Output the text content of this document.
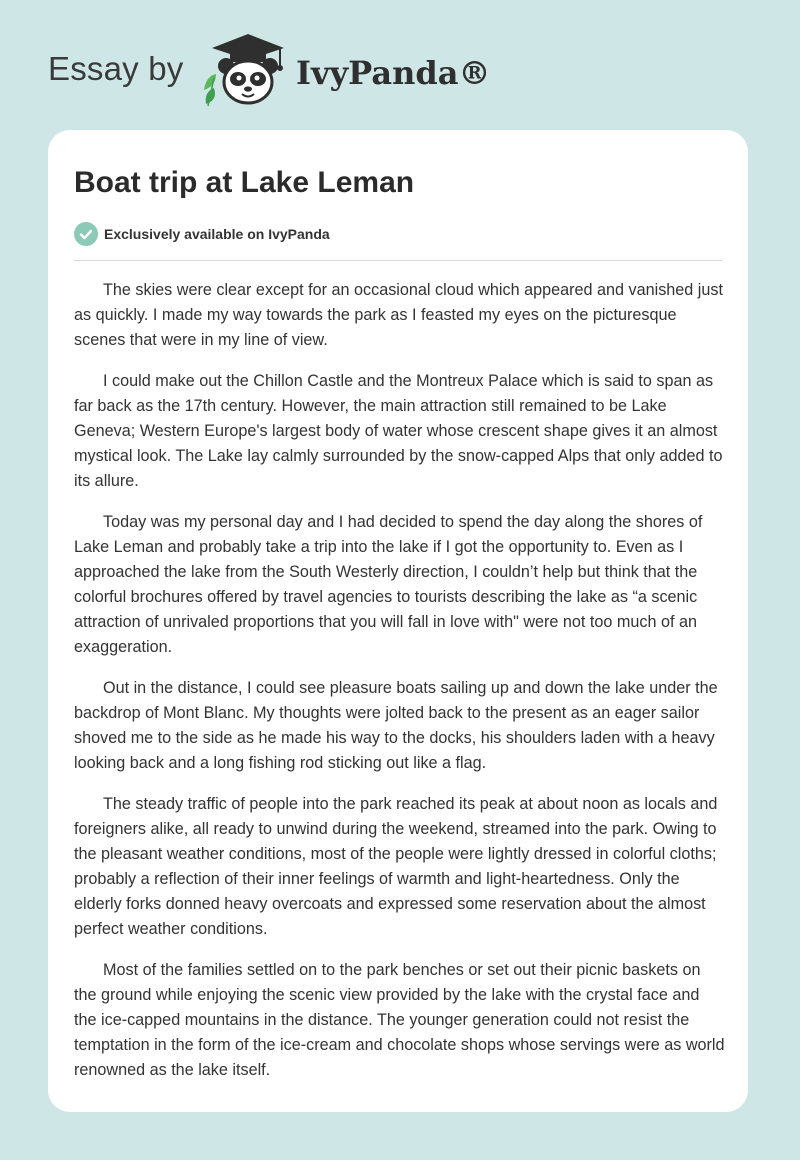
Essay by	IvyPanda®
Boat trip at Lake Leman
Exclusively available on IvyPanda

The skies were clear except for an occasional cloud which appeared and vanished just as quickly. I made my way towards the park as I feasted my eyes on the picturesque scenes that were in my line of view.

I could make out the Chillon Castle and the Montreux Palace which is said to span as far back as the 17th century. However, the main attraction still remained to be Lake Geneva; Western Europe's largest body of water whose crescent shape gives it an almost mystical look. The Lake lay calmly surrounded by the snow-capped Alps that only added to its allure.

Today was my personal day and I had decided to spend the day along the shores of Lake Leman and probably take a trip into the lake if I got the opportunity to. Even as I approached the lake from the South Westerly direction, I couldn’t help but think that the colorful brochures offered by travel agencies to tourists describing the lake as “a scenic attraction of unrivaled proportions that you will fall in love with" were not too much of an exaggeration.

Out in the distance, I could see pleasure boats sailing up and down the lake under the backdrop of Mont Blanc. My thoughts were jolted back to the present as an eager sailor shoved me to the side as he made his way to the docks, his shoulders laden with a heavy looking back and a long fishing rod sticking out like a flag.

The steady traffic of people into the park reached its peak at about noon as locals and foreigners alike, all ready to unwind during the weekend, streamed into the park. Owing to the pleasant weather conditions, most of the people were lightly dressed in colorful cloths; probably a reflection of their inner feelings of warmth and light-heartedness. Only the elderly forks donned heavy overcoats and expressed some reservation about the almost perfect weather conditions.

Most of the families settled on to the park benches or set out their picnic baskets on the ground while enjoying the scenic view provided by the lake with the crystal face and the ice-capped mountains in the distance. The younger generation could not resist the temptation in the form of the ice-cream and chocolate shops whose servings were as world renowned as the lake itself.
